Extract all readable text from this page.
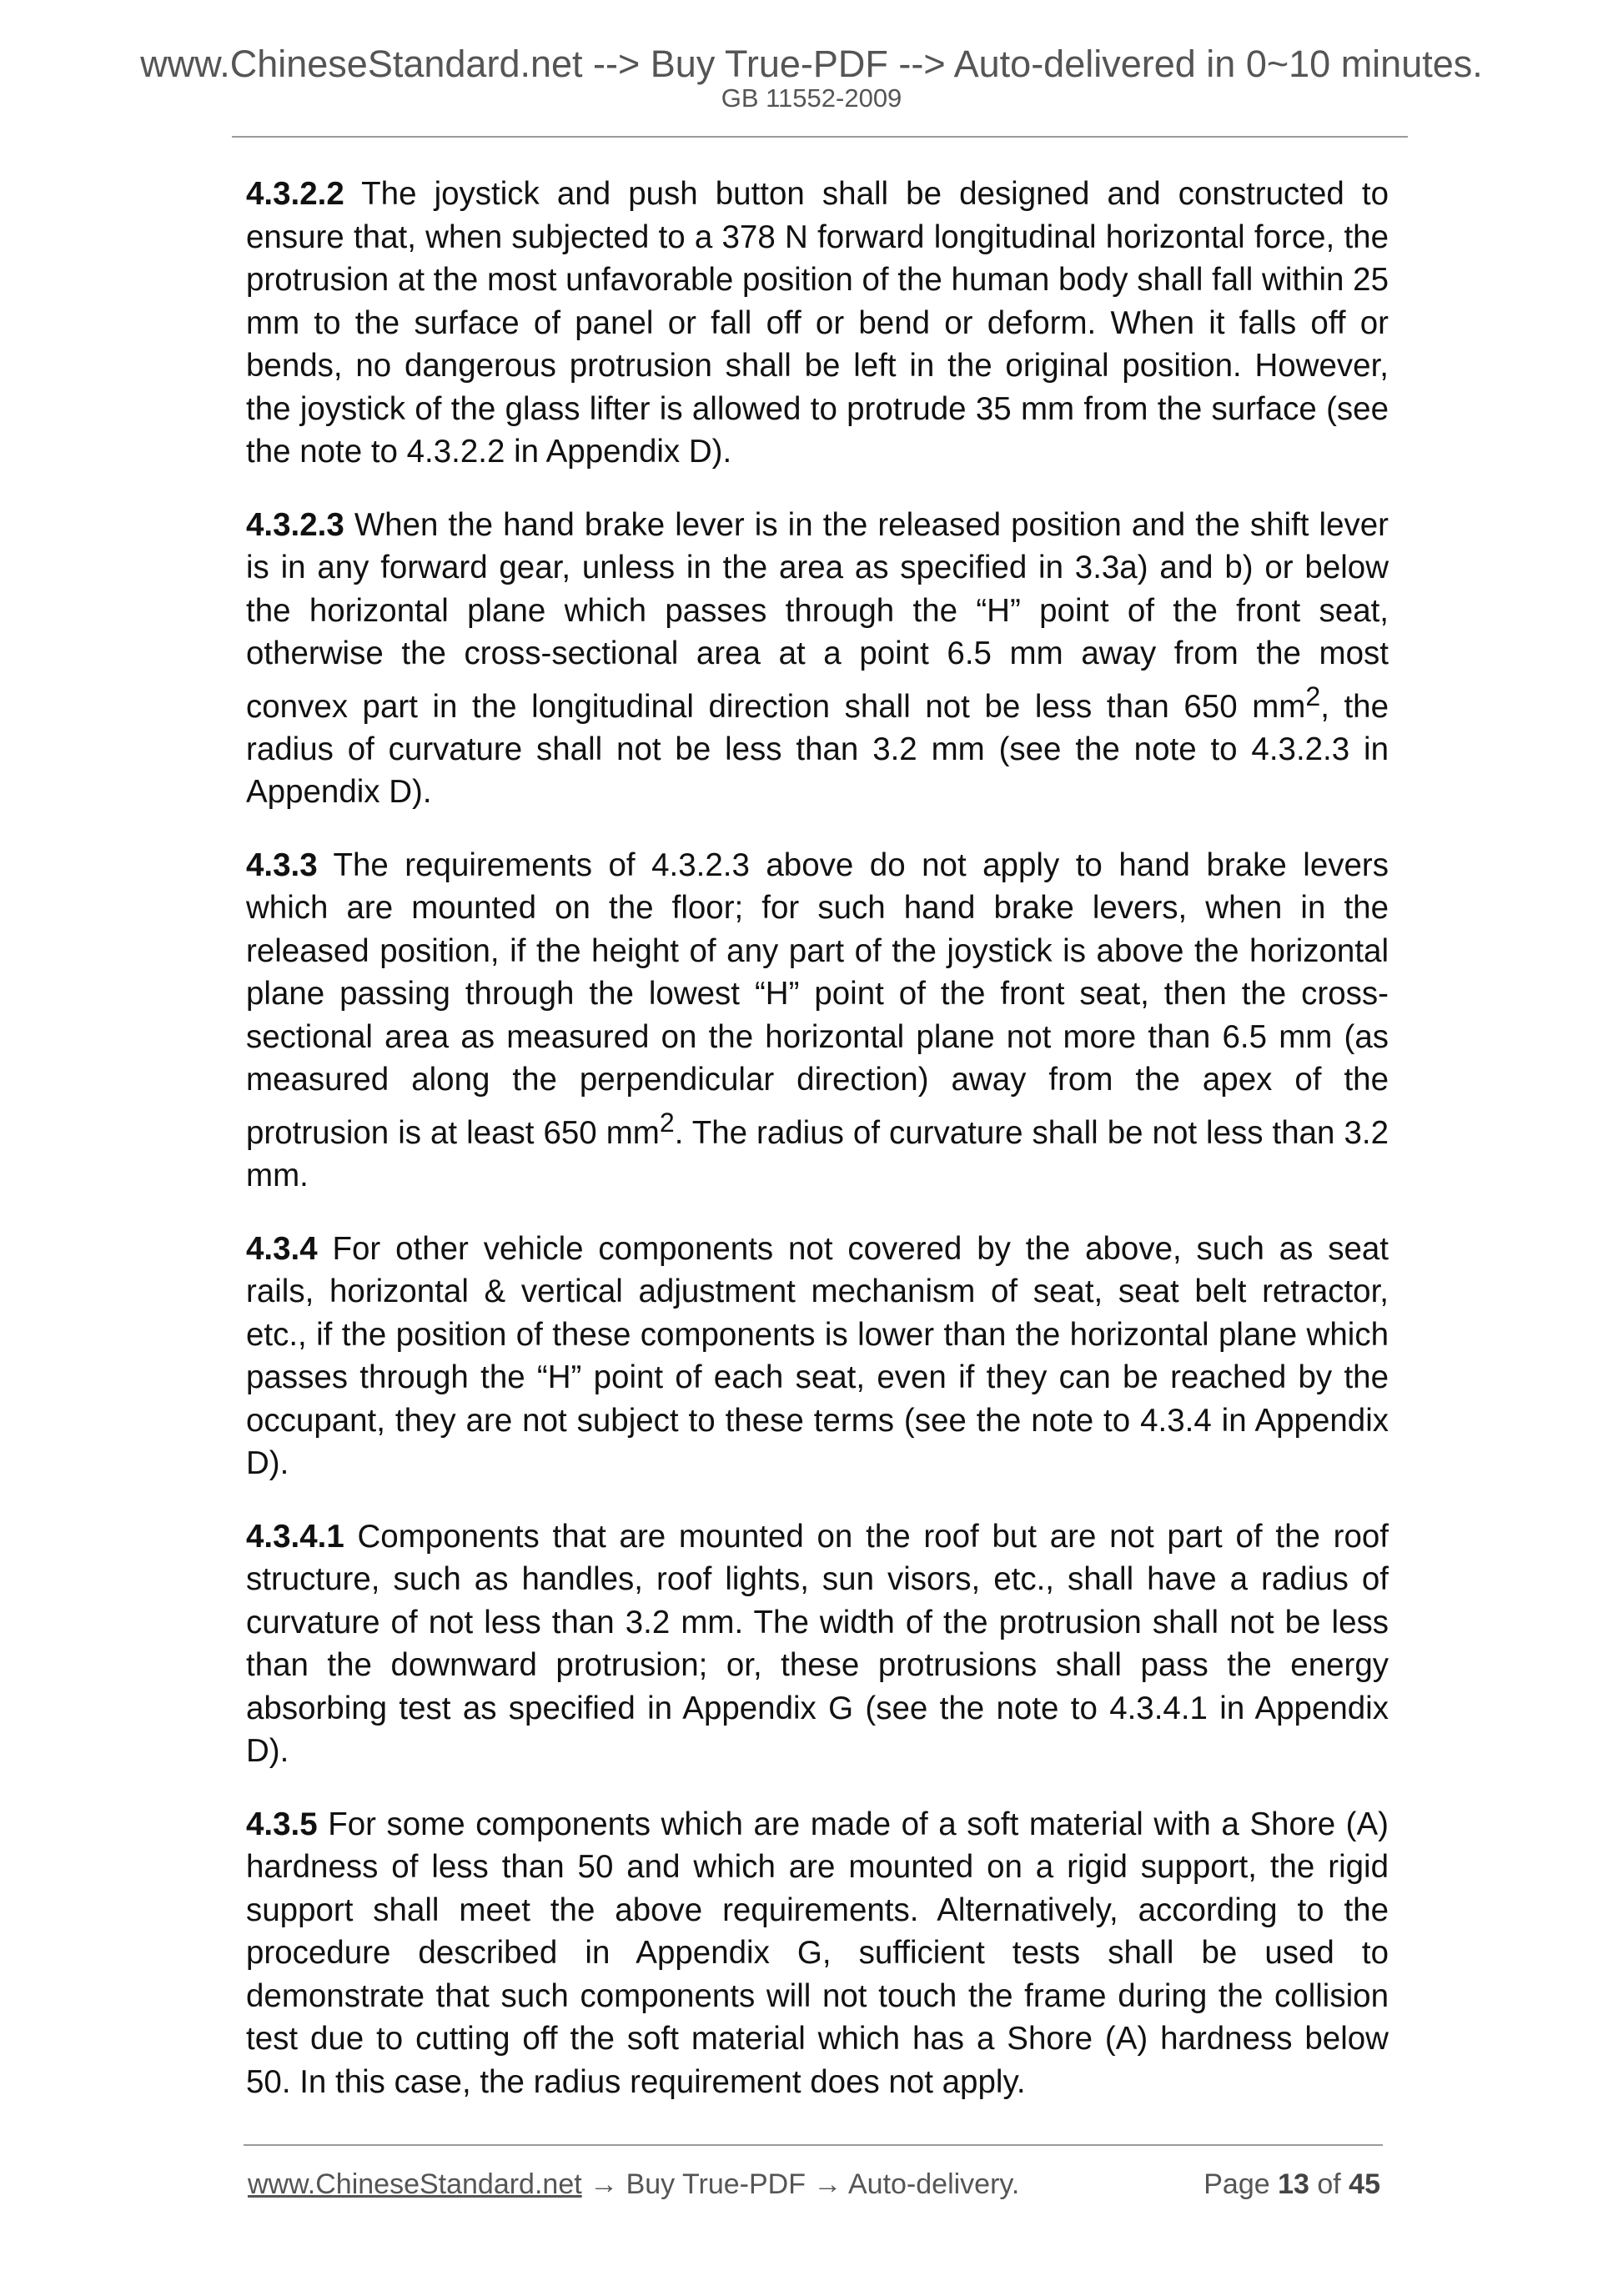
www.ChineseStandard.net --> Buy True-PDF --> Auto-delivered in 0~10 minutes.
GB 11552-2009

4.3.2.2 The joystick and push button shall be designed and constructed to ensure that, when subjected to a 378 N forward longitudinal horizontal force, the protrusion at the most unfavorable position of the human body shall fall within 25 mm to the surface of panel or fall off or bend or deform. When it falls off or bends, no dangerous protrusion shall be left in the original position. However, the joystick of the glass lifter is allowed to protrude 35 mm from the surface (see the note to 4.3.2.2 in Appendix D).

4.3.2.3 When the hand brake lever is in the released position and the shift lever is in any forward gear, unless in the area as specified in 3.3a) and b) or below the horizontal plane which passes through the “H” point of the front seat, otherwise the cross-sectional area at a point 6.5 mm away from the most convex part in the longitudinal direction shall not be less than 650 $mm^2$, the radius of curvature shall not be less than 3.2 mm (see the note to 4.3.2.3 in Appendix D).

4.3.3 The requirements of 4.3.2.3 above do not apply to hand brake levers which are mounted on the floor; for such hand brake levers, when in the released position, if the height of any part of the joystick is above the horizontal plane passing through the lowest “H” point of the front seat, then the cross-sectional area as measured on the horizontal plane not more than 6.5 mm (as measured along the perpendicular direction) away from the apex of the protrusion is at least 650 $mm^2$. The radius of curvature shall be not less than 3.2 mm.

4.3.4 For other vehicle components not covered by the above, such as seat rails, horizontal & vertical adjustment mechanism of seat, seat belt retractor, etc., if the position of these components is lower than the horizontal plane which passes through the “H” point of each seat, even if they can be reached by the occupant, they are not subject to these terms (see the note to 4.3.4 in Appendix D).

4.3.4.1 Components that are mounted on the roof but are not part of the roof structure, such as handles, roof lights, sun visors, etc., shall have a radius of curvature of not less than 3.2 mm. The width of the protrusion shall not be less than the downward protrusion; or, these protrusions shall pass the energy absorbing test as specified in Appendix G (see the note to 4.3.4.1 in Appendix D).

4.3.5 For some components which are made of a soft material with a Shore (A) hardness of less than 50 and which are mounted on a rigid support, the rigid support shall meet the above requirements. Alternatively, according to the procedure described in Appendix G, sufficient tests shall be used to demonstrate that such components will not touch the frame during the collision test due to cutting off the soft material which has a Shore (A) hardness below 50. In this case, the radius requirement does not apply.

www.ChineseStandard.net → Buy True-PDF → Auto-delivery.	Page 13 of 45
